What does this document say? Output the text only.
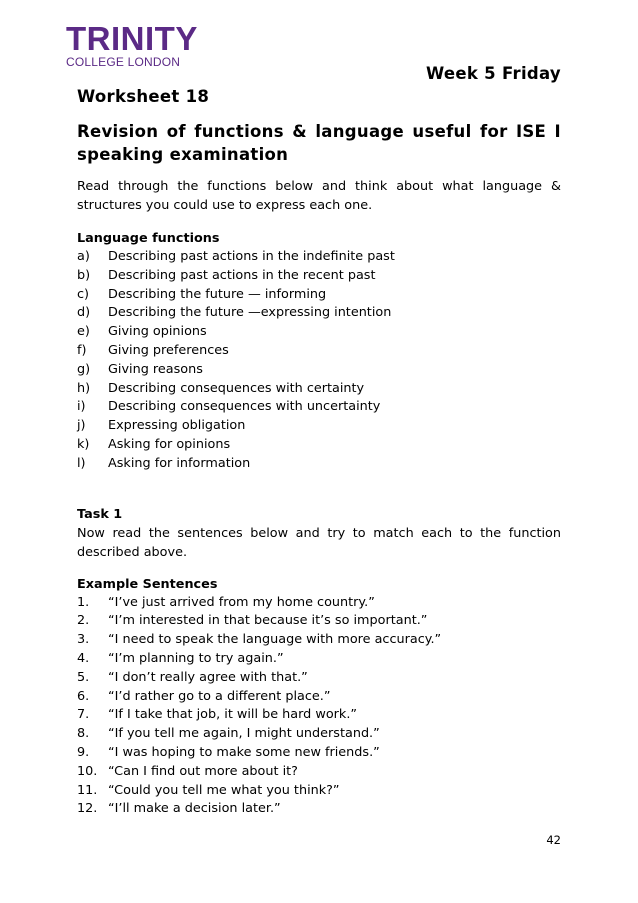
TRINITY
COLLEGE LONDON
Week 5 Friday
Worksheet 18
Revision of functions & language useful for ISE I speaking examination
Read through the functions below and think about what language & structures you could use to express each one.
Language functions
a)	Describing past actions in the indefinite past
b)	Describing past actions in the recent past
c)	Describing the future — informing
d)	Describing the future —expressing intention
e)	Giving opinions
f)	Giving preferences
g)	Giving reasons
h)	Describing consequences with certainty
i)	Describing consequences with uncertainty
j)	Expressing obligation
k)	Asking for opinions
l)	Asking for information
Task 1
Now read the sentences below and try to match each to the function described above.
Example Sentences
1.	“I’ve just arrived from my home country.”
2.	“I’m interested in that because it’s so important.”
3.	“I need to speak the language with more accuracy.”
4.	“I’m planning to try again.”
5.	“I don’t really agree with that.”
6.	“I’d rather go to a different place.”
7.	“If I take that job, it will be hard work.”
8.	“If you tell me again, I might understand.”
9.	“I was hoping to make some new friends.”
10. “Can I find out more about it?
11. “Could you tell me what you think?”
12. “I’ll make a decision later.”
42
